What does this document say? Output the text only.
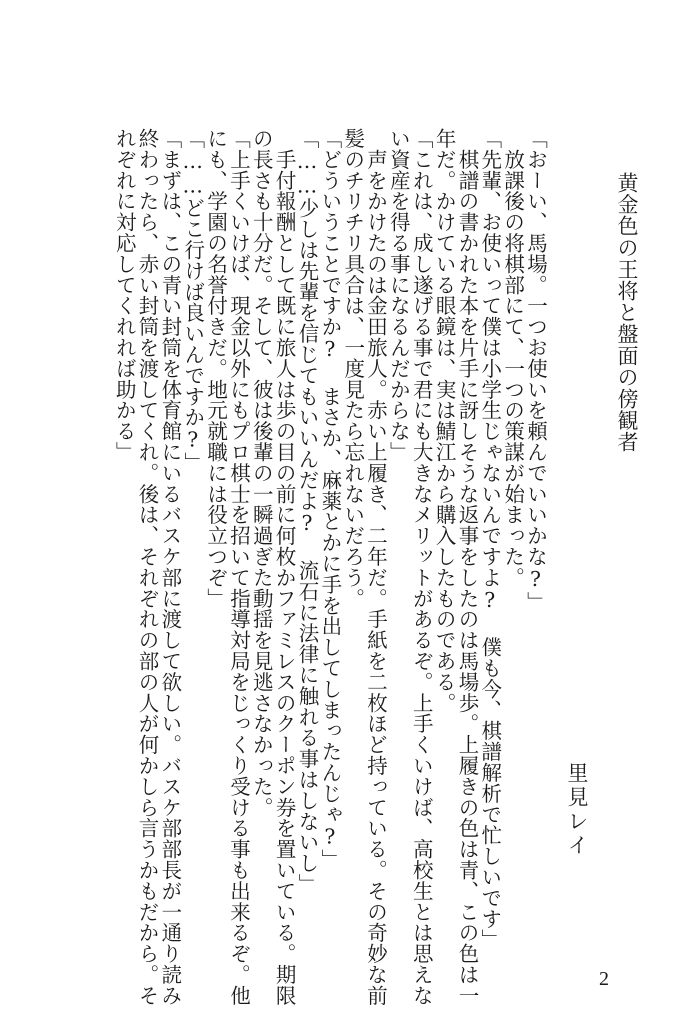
黄金色の王将と盤面の傍観者
里見レイ
「おーい、馬場。一つお使いを頼んでいいかな?」
　放課後の将棋部にて、一つの策謀が始まった。
「先輩、お使いって僕は小学生じゃないんですよ? 僕も今、棋譜解析で忙しいです」
　棋譜の書かれた本を片手に訝しそうな返事をしたのは馬場歩。上履きの色は青、この色は一
年だ。かけている眼鏡は、実は鯖江から購入したものである。
「これは、成し遂げる事で君にも大きなメリットがあるぞ。上手くいけば、高校生とは思えな
い資産を得る事になるんだからな」
　声をかけたのは金田旅人。赤い上履き、二年だ。手紙を二枚ほど持っている。その奇妙な前
髪のチリチリ具合は、一度見たら忘れないだろう。
「どういうことですか? まさか、麻薬とかに手を出してしまったんじゃ?」
「……少しは先輩を信じてもいいんだよ? 流石に法律に触れる事はしないし」
　手付報酬として既に旅人は歩の目の前に何枚かファミレスのクーポン券を置いている。期限
の長さも十分だ。そして、彼は後輩の一瞬過ぎた動揺を見逃さなかった。
「上手くいけば、現金以外にもプロ棋士を招いて指導対局をじっくり受ける事も出来るぞ。他
にも、学園の名誉付きだ。地元就職には役立つぞ」
「……どこ行けば良いんですか?」
「まずは、この青い封筒を体育館にいるバスケ部に渡して欲しい。バスケ部部長が一通り読み
終わったら、赤い封筒を渡してくれ。後は、それぞれの部の人が何かしら言うかもだから。そ
れぞれに対応してくれれば助かる」
2
